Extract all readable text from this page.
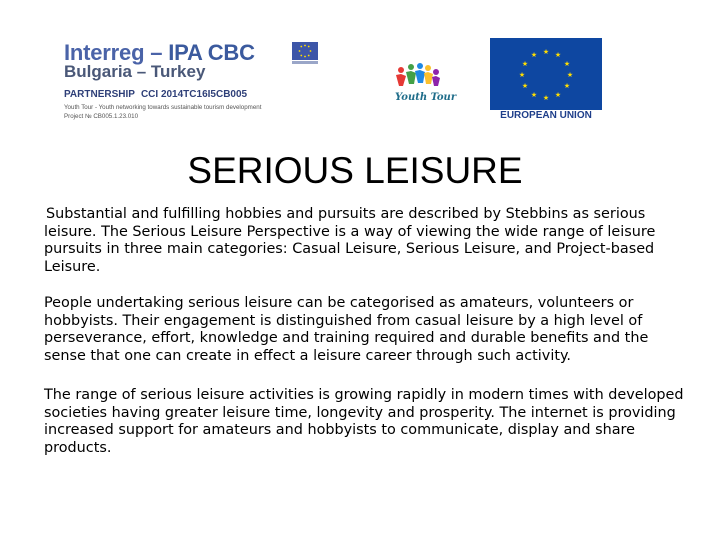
Interreg – IPA CBC
Bulgaria – Turkey
PARTNERSHIP CCI 2014TC16I5CB005
Youth Tour - Youth networking towards sustainable tourism development
Project № CB005.1.23.010
Youth Tour
★ ★
★
★
★
★
★
★
★
★
★
★
EUROPEAN UNION
SERIOUS LEISURE

Substantial and fulfilling hobbies and pursuits are described by Stebbins as serious leisure. The Serious Leisure Perspective is a way of viewing the wide range of leisure pursuits in three main categories: Casual Leisure, Serious Leisure, and Project-based Leisure.

People undertaking serious leisure can be categorised as amateurs, volunteers or hobbyists. Their engagement is distinguished from casual leisure by a high level of perseverance, effort, knowledge and training required and durable benefits and the sense that one can create in effect a leisure career through such activity.

The range of serious leisure activities is growing rapidly in modern times with developed societies having greater leisure time, longevity and prosperity. The internet is providing increased support for amateurs and hobbyists to communicate, display and share products.
